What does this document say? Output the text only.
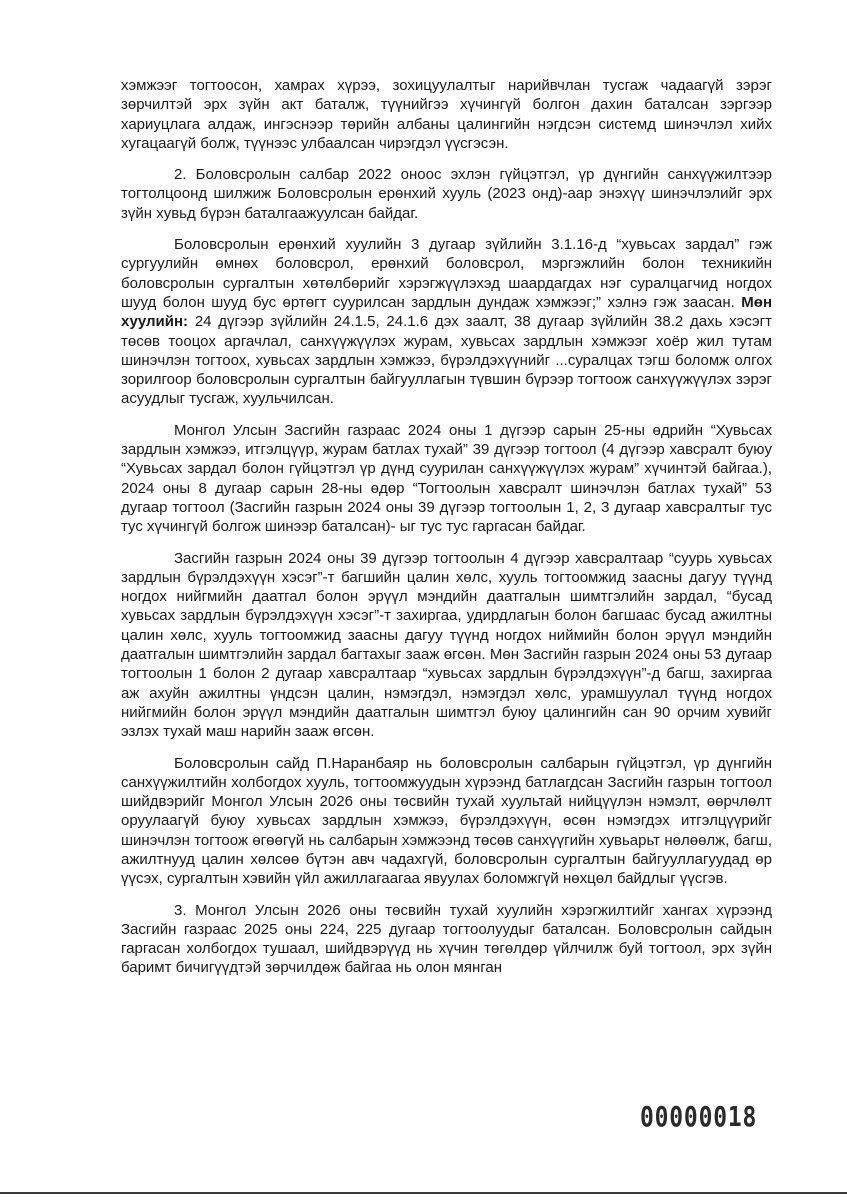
хэмжээг тогтоосон, хамрах хүрээ, зохицуулалтыг нарийвчлан тусгаж чадаагүй зэрэг зөрчилтэй эрх зүйн акт баталж, түүнийгээ хүчингүй болгон дахин баталсан зэргээр хариуцлага алдаж, ингэснээр төрийн албаны цалингийн нэгдсэн системд шинэчлэл хийх хугацаагүй болж, түүнээс улбаалсан чирэгдэл үүсгэсэн.

2. Боловсролын салбар 2022 оноос эхлэн гүйцэтгэл, үр дүнгийн санхүүжилтээр тогтолцоонд шилжиж Боловсролын ерөнхий хууль (2023 онд)-аар энэхүү шинэчлэлийг эрх зүйн хувьд бүрэн баталгаажуулсан байдаг.

Боловсролын ерөнхий хуулийн 3 дугаар зүйлийн 3.1.16-д “хувьсах зардал” гэж сургуулийн өмнөх боловсрол, ерөнхий боловсрол, мэргэжлийн болон техникийн боловсролын сургалтын хөтөлбөрийг хэрэгжүүлэхэд шаардагдах нэг суралцагчид ногдох шууд болон шууд бус өртөгт суурилсан зардлын дундаж хэмжээг;” хэлнэ гэж заасан. Мөн хуулийн: 24 дүгээр зүйлийн 24.1.5, 24.1.6 дэх заалт, 38 дугаар зүйлийн 38.2 дахь хэсэгт төсөв тооцох аргачлал, санхүүжүүлэх журам, хувьсах зардлын хэмжээг хоёр жил тутам шинэчлэн тогтоох, хувьсах зардлын хэмжээ, бүрэлдэхүүнийг ...суралцах тэгш боломж олгох зорилгоор боловсролын сургалтын байгууллагын түвшин бүрээр тогтоож санхүүжүүлэх зэрэг асуудлыг тусгаж, хуульчилсан.

Монгол Улсын Засгийн газраас 2024 оны 1 дүгээр сарын 25-ны өдрийн “Хувьсах зардлын хэмжээ, итгэлцүүр, журам батлах тухай” 39 дүгээр тогтоол (4 дүгээр хавсралт буюу “Хувьсах зардал болон гүйцэтгэл үр дүнд суурилан санхүүжүүлэх журам” хүчинтэй байгаа.), 2024 оны 8 дугаар сарын 28-ны өдөр “Тогтоолын хавсралт шинэчлэн батлах тухай” 53 дугаар тогтоол (Засгийн газрын 2024 оны 39 дүгээр тогтоолын 1, 2, 3 дугаар хавсралтыг тус тус хүчингүй болгож шинээр баталсан)- ыг тус тус гаргасан байдаг.

Засгийн газрын 2024 оны 39 дүгээр тогтоолын 4 дүгээр хавсралтаар “суурь хувьсах зардлын бүрэлдэхүүн хэсэг”-т багшийн цалин хөлс, хууль тогтоомжид заасны дагуу түүнд ногдох нийгмийн даатгал болон эрүүл мэндийн даатгалын шимтгэлийн зардал, “бусад хувьсах зардлын бүрэлдэхүүн хэсэг”-т захиргаа, удирдлагын болон багшаас бусад ажилтны цалин хөлс, хууль тогтоомжид заасны дагуу түүнд ногдох ниймийн болон эрүүл мэндийн даатгалын шимтгэлийн зардал багтахыг зааж өгсөн. Мөн Засгийн газрын 2024 оны 53 дугаар тогтоолын 1 болон 2 дугаар хавсралтаар “хувьсах зардлын бүрэлдэхүүн”-д багш, захиргаа аж ахуйн ажилтны үндсэн цалин, нэмэгдэл, нэмэгдэл хөлс, урамшуулал түүнд ногдох нийгмийн болон эрүүл мэндийн даатгалын шимтгэл буюу цалингийн сан 90 орчим хувийг эзлэх тухай маш нарийн зааж өгсөн.

Боловсролын сайд П.Наранбаяр нь боловсролын салбарын гүйцэтгэл, үр дүнгийн санхүүжилтийн холбогдох хууль, тогтоомжуудын хүрээнд батлагдсан Засгийн газрын тогтоол шийдвэрийг Монгол Улсын 2026 оны төсвийн тухай хуультай нийцүүлэн нэмэлт, өөрчлөлт оруулаагүй буюу хувьсах зардлын хэмжээ, бүрэлдэхүүн, өсөн нэмэгдэх итгэлцүүрийг шинэчлэн тогтоож өгөөгүй нь салбарын хэмжээнд төсөв санхүүгийн хувьарьт нөлөөлж, багш, ажилтнууд цалин хөлсөө бүтэн авч чадахгүй, боловсролын сургалтын байгууллагуудад өр үүсэх, сургалтын хэвийн үйл ажиллагаагаа явуулах боломжгүй нөхцөл байдлыг үүсгэв.

3. Монгол Улсын 2026 оны төсвийн тухай хуулийн хэрэгжилтийг хангах хүрээнд Засгийн газраас 2025 оны 224, 225 дугаар тогтоолуудыг баталсан. Боловсролын сайдын гаргасан холбогдох тушаал, шийдвэрүүд нь хүчин төгөлдөр үйлчилж буй тогтоол, эрх зүйн баримт бичигүүдтэй зөрчилдөж байгаа нь олон мянган

00000018
